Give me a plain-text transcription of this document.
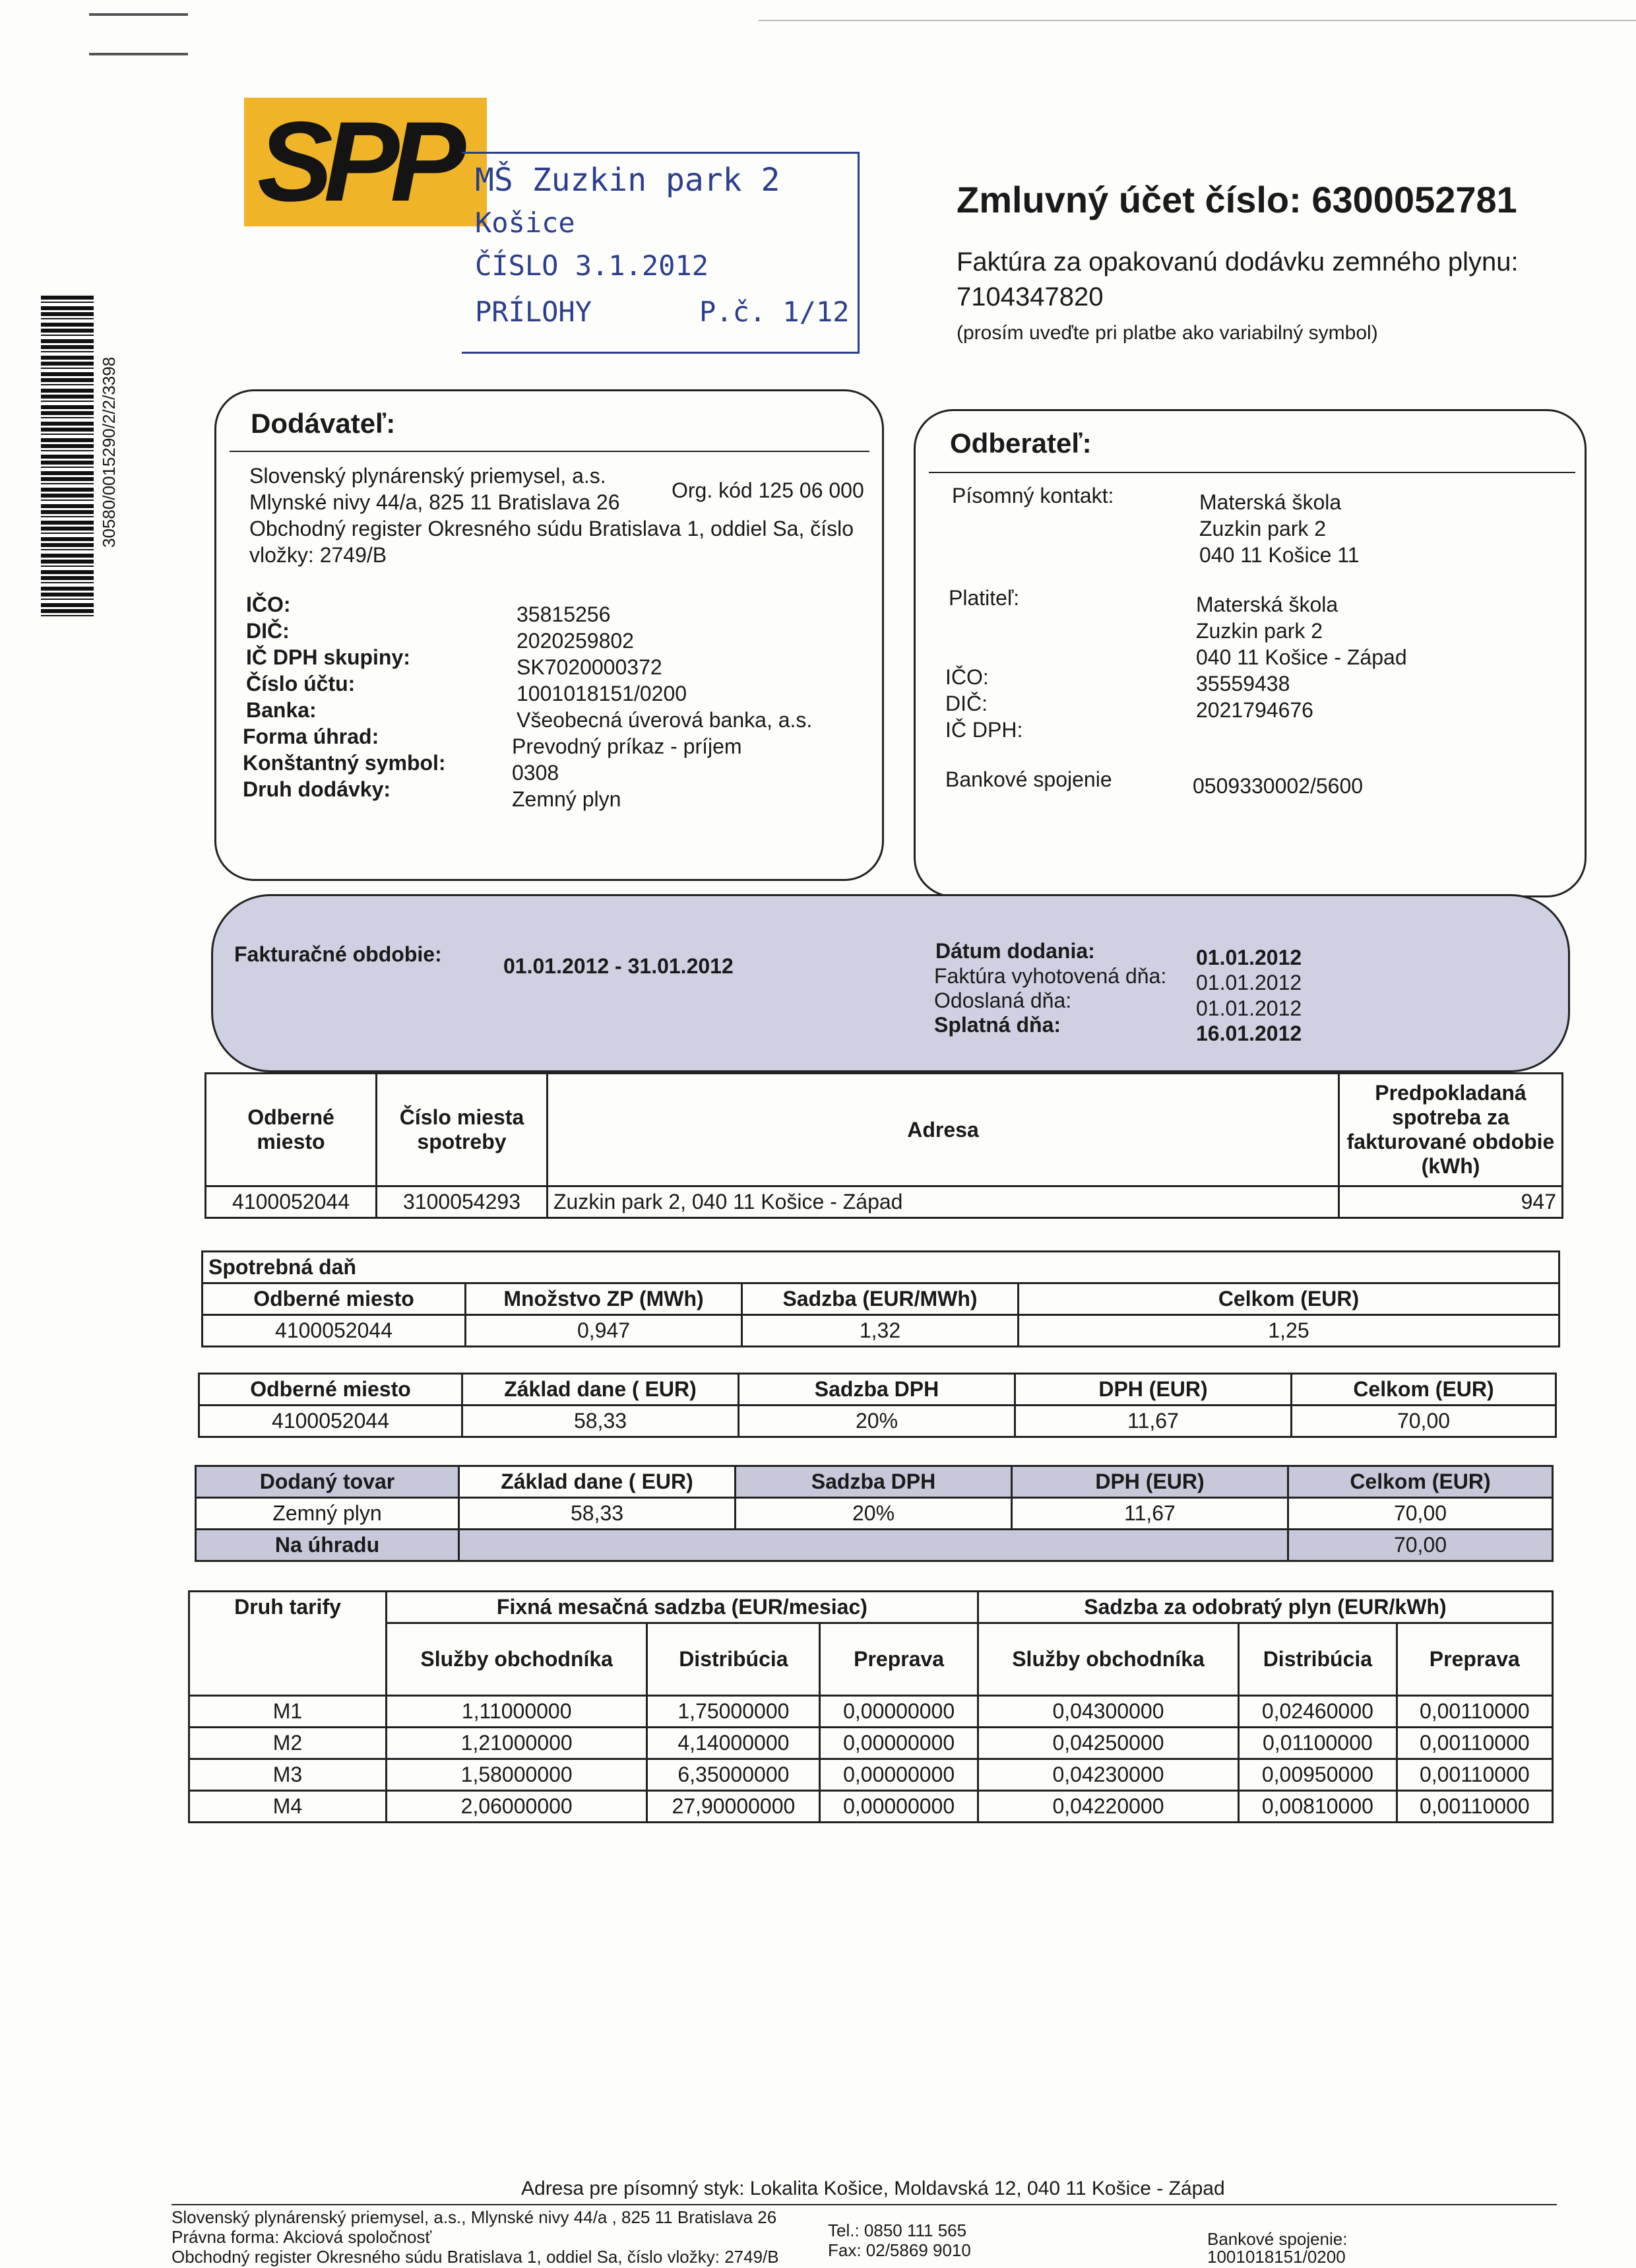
SPP MŠ Zuzkin park 2
Košice
ČÍSLO 3.1.2012
PRÍLOHY	P.č. 1/12
30580/0015290/2/2/3398
Zmluvný účet číslo: 6300052781
Faktúra za opakovanú dodávku zemného plynu:
7104347820
(prosím uveďte pri platbe ako variabilný symbol)
Dodávateľ:
Slovenský plynárenský priemysel, a.s.
Org. kód 125 06 000
Mlynské nivy 44/a, 825 11 Bratislava 26
Obchodný register Okresného súdu Bratislava 1, oddiel Sa, číslo
vložky: 2749/B
IČO:	35815256
DIČ:	2020259802
IČ DPH skupiny:	SK7020000372
Číslo účtu:	1001018151/0200
Banka:	Všeobecná úverová banka, a.s.
Forma úhrad:	Prevodný príkaz - príjem
Konštantný symbol:	0308
Druh dodávky:	Zemný plyn
Odberateľ:
Písomný kontakt:	Materská škola
Zuzkin park 2
040 11 Košice 11
Platiteľ:	Materská škola
Zuzkin park 2
040 11 Košice - Západ
IČO:	35559438
DIČ:	2021794676
IČ DPH:
Bankové spojenie	0509330002/5600
Fakturačné obdobie:	01.01.2012 - 31.01.2012
Dátum dodania:	01.01.2012
Faktúra vyhotovená dňa: 01.01.2012
Odoslaná dňa:	01.01.2012
Splatná dňa:	16.01.2012
Odberné miesto	Číslo miesta spotreby	Adresa	Predpokladaná spotreba za fakturované obdobie (kWh)
4100052044	3100054293	Zuzkin park 2, 040 11 Košice - Západ	947
Spotrebná daň			
Odberné miesto	Množstvo ZP (MWh)	Sadzba (EUR/MWh)	Celkom (EUR)
4100052044	0,947	1,32	1,25
Odberné miesto	Základ dane ( EUR)	Sadzba DPH	DPH (EUR)	Celkom (EUR)
4100052044	58,33	20%	11,67	70,00
Dodaný tovar	Základ dane ( EUR)	Sadzba DPH	DPH (EUR)	Celkom (EUR)
Zemný plyn	58,33	20%	11,67	70,00
Na úhradu				70,00
Druh tarify	Fixná mesačná sadzba (EUR/mesiac)			Sadzba za odobratý plyn (EUR/kWh)		
	Služby obchodníka	Distribúcia	Preprava	Služby obchodníka	Distribúcia	Preprava
M1	1,11000000	1,75000000	0,00000000	0,04300000	0,02460000	0,00110000
M2	1,21000000	4,14000000	0,00000000	0,04250000	0,01100000	0,00110000
M3	1,58000000	6,35000000	0,00000000	0,04230000	0,00950000	0,00110000
M4	2,06000000	27,90000000	0,00000000	0,04220000	0,00810000	0,00110000
Adresa pre písomný styk: Lokalita Košice, Moldavská 12, 040 11 Košice - Západ
Slovenský plynárenský priemysel, a.s., Mlynské nivy 44/a , 825 11 Bratislava 26
Právna forma: Akciová spoločnosť
Obchodný register Okresného súdu Bratislava 1, oddiel Sa, číslo vložky: 2749/B
Tel.: 0850 111 565
Fax: 02/5869 9010
Bankové spojenie:
1001018151/0200
